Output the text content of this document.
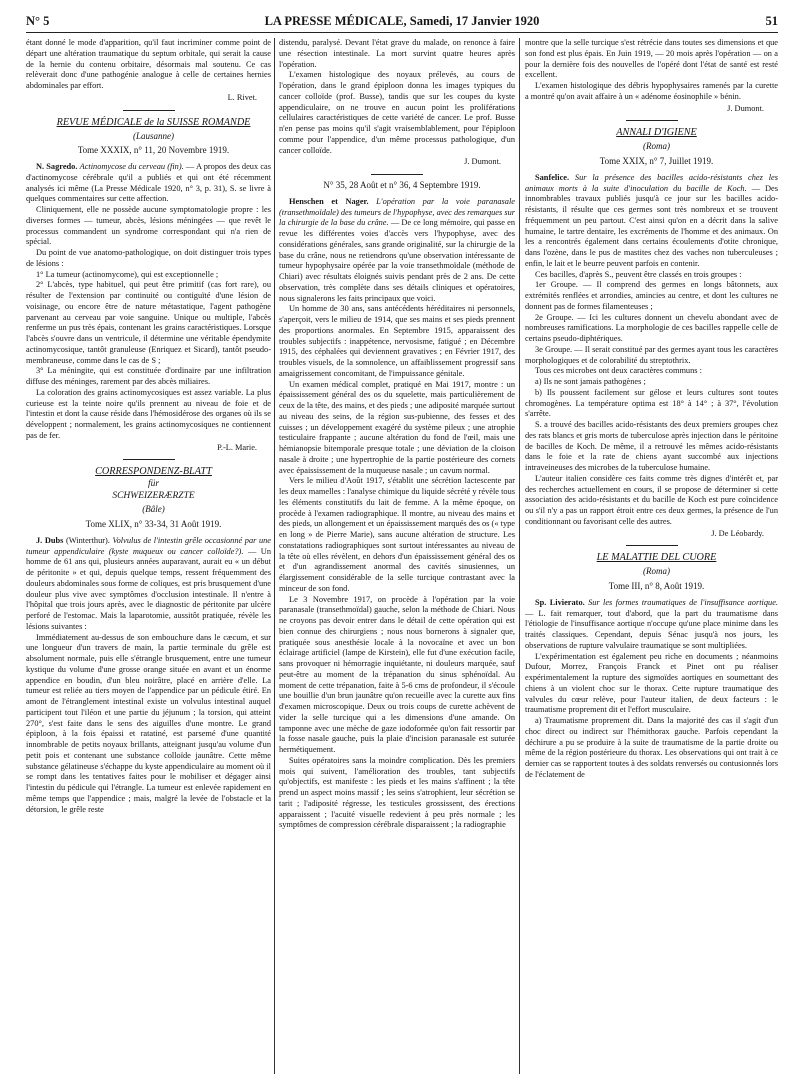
N° 5	LA PRESSE MÉDICALE, Samedi, 17 Janvier 1920	51

étant donné le mode d'apparition, qu'il faut incriminer comme point de départ une altération traumatique du septum orbitale, qui serait la cause de la hernie du contenu orbitaire, désormais mal soutenu. Ce cas relèverait donc d'une pathogénie analogue à celle de certaines hernies abdominales par effort.

L. Rivet.

REVUE MÉDICALE de la SUISSE ROMANDE

(Lausanne)

Tome XXXIX, n° 11, 20 Novembre 1919.

N. Sagredo. Actinomycose du cerveau (fin). — A propos des deux cas d'actinomycose cérébrale qu'il a publiés et qui ont été récemment analysés ici même (La Presse Médicale 1920, n° 3, p. 31), S. se livre à quelques commentaires sur cette affection.

Cliniquement, elle ne possède aucune symptomatologie propre : les diverses formes — tumeur, abcès, lésions méningées — que revêt le processus commandent un syndrome correspondant qui n'a rien de spécial.

Du point de vue anatomo-pathologique, on doit distinguer trois types de lésions :

1° La tumeur (actinomycome), qui est exceptionnelle ;

2° L'abcès, type habituel, qui peut être primitif (cas fort rare), ou résulter de l'extension par continuité ou contiguïté d'une lésion de voisinage, ou encore être de nature métastatique, l'agent pathogène parvenant au cerveau par voie sanguine. Unique ou multiple, l'abcès renferme un pus très épais, contenant les grains caractéristiques. Lorsque l'abcès s'ouvre dans un ventricule, il détermine une véritable épendymite actinomycosique, tantôt granuleuse (Enriquez et Sicard), tantôt pseudo-membraneuse, comme dans le cas de S ;

3° La méningite, qui est constituée d'ordinaire par une infiltration diffuse des méninges, rarement par des abcès miliaires.

La coloration des grains actinomycosiques est assez variable. La plus curieuse est la teinte noire qu'ils prennent au niveau de foie et de l'intestin et dont la cause réside dans l'hémosidérose des organes où ils se développent ; normalement, les grains actinomycosiques ne contiennent pas de fer.

P.-L. Marie.

CORRESPONDENZ-BLATT

für

SCHWEIZERÆRZTE

(Bâle)

Tome XLIX, n° 33-34, 31 Août 1919.

J. Dubs (Winterthur). Volvulus de l'intestin grêle occasionné par une tumeur appendiculaire (kyste muqueux ou cancer colloïde?). — Un homme de 61 ans qui, plusieurs années auparavant, aurait eu « un début de péritonite » et qui, depuis quelque temps, ressent fréquemment des douleurs abdominales sous forme de coliques, est pris brusquement d'une douleur plus vive avec symptômes d'occlusion intestinale. Il n'entre à l'hôpital que trois jours après, avec le diagnostic de péritonite par ulcère perforé de l'estomac. Mais la laparotomie, aussitôt pratiquée, révèle les lésions suivantes :

Immédiatement au-dessus de son embouchure dans le cæcum, et sur une longueur d'un travers de main, la partie terminale du grêle est absolument normale, puis elle s'étrangle brusquement, entre une tumeur kystique du volume d'une grosse orange située en avant et un énorme appendice en boudin, d'un bleu noirâtre, placé en arrière d'elle. La tumeur est reliée au tiers moyen de l'appendice par un pédicule étiré. En amont de l'étranglement intestinal existe un volvulus intestinal auquel participent tout l'iléon et une partie du jéjunum ; la torsion, qui atteint 270°, s'est faite dans le sens des aiguilles d'une montre. Le grand épiploon, à la fois épaissi et ratatiné, est parsemé d'une quantité innombrable de petits noyaux brillants, atteignant jusqu'au volume d'un petit pois et contenant une substance colloïde jaunâtre. Cette même substance gélatineuse s'échappe du kyste appendiculaire au moment où il se rompt dans les tentatives faites pour le mobiliser et dégager ainsi l'intestin du pédicule qui l'étrangle. La tumeur est enlevée rapidement en même temps que l'appendice ; mais, malgré la levée de l'obstacle et la détorsion, le grêle reste

distendu, paralysé. Devant l'état grave du malade, on renonce à faire une résection intestinale. La mort survint quatre heures après l'opération.

L'examen histologique des noyaux prélevés, au cours de l'opération, dans le grand épiploon donna les images typiques du cancer colloïde (prof. Busse), tandis que sur les coupes du kyste appendiculaire, on ne trouve en aucun point les proliférations cellulaires caractéristiques de cette variété de cancer. Le prof. Busse n'en pense pas moins qu'il s'agit vraisemblablement, pour l'épiploon comme pour l'appendice, d'un même processus pathologique, d'un cancer colloïde.

J. Dumont.

N° 35, 28 Août et n° 36, 4 Septembre 1919.

Henschen et Nager. L'opération par la voie paranasale (transethmoïdale) des tumeurs de l'hypophyse, avec des remarques sur la chirurgie de la base du crâne. — De ce long mémoire, qui passe en revue les différentes voies d'accès vers l'hypophyse, avec des considérations générales, sans grande originalité, sur la chirurgie de la base du crâne, nous ne retiendrons qu'une observation intéressante de tumeur hypophysaire opérée par la voie transethmoïdale (méthode de Chiari) avec résultats éloignés suivis pendant près de 2 ans. De cette observation, très complète dans ses détails cliniques et opératoires, nous signalerons les faits principaux que voici.

Un homme de 30 ans, sans antécédents héréditaires ni personnels, s'aperçoit, vers le milieu de 1914, que ses mains et ses pieds prennent des proportions anormales. En Septembre 1915, apparaissent des troubles subjectifs : inappétence, nervosisme, fatigué ; en Décembre 1915, des céphalées qui deviennent gravatives ; en Février 1917, des troubles visuels, de la somnolence, un affaiblissement progressif sans amaigrissement concomitant, de l'impuissance génitale.

Un examen médical complet, pratiqué en Mai 1917, montre : un épaississement général des os du squelette, mais particulièrement de ceux de la tête, des mains, et des pieds ; une adiposité marquée surtout au niveau des seins, de la région sus-pubienne, des fesses et des cuisses ; un développement exagéré du système pileux ; une atrophie testiculaire frappante ; aucune altération du fond de l'œil, mais une hémianopsie bitemporale presque totale ; une déviation de la cloison nasale à droite ; une hypertrophie de la partie postérieure des cornets avec épaississement de la muqueuse nasale ; un cavum normal.

Vers le milieu d'Août 1917, s'établit une sécrétion lactescente par les deux mamelles : l'analyse chimique du liquide sécrété y révèle tous les éléments constitutifs du lait de femme. A la même époque, on procède à l'examen radiographique. Il montre, au niveau des mains et des pieds, un allongement et un épaississement marqués des os (« type en long » de Pierre Marie), sans aucune altération de structure. Les constatations radiographiques sont surtout intéressantes au niveau de la tête où elles révèlent, en dehors d'un épaississement général des os et d'un agrandissement anormal des cavités sinusiennes, un élargissement considérable de la selle turcique contrastant avec la minceur de son fond.

Le 3 Novembre 1917, on procède à l'opération par la voie paranasale (transethmoïdal) gauche, selon la méthode de Chiari. Nous ne croyons pas devoir entrer dans le détail de cette opération qui est bien connue des chirurgiens ; nous nous bornerons à signaler que, pratiquée sous anesthésie locale à la novocaïne et avec un bon éclairage artificiel (lampe de Kirstein), elle fut d'une exécution facile, sans provoquer ni hémorragie inquiétante, ni douleurs marquée, sauf peut-être au moment de la trépanation du sinus sphénoïdal. Au moment de cette trépanation, faite à 5-6 cms de profondeur, il s'écoule une bouillie d'un brun jaunâtre qu'on recueille avec la curette aux fins d'examen microscopique. Deux ou trois coups de curette achèvent de vider la selle turcique qui a les dimensions d'une amande. On tamponne avec une mèche de gaze iodoformée qu'on fait ressortir par la fosse nasale gauche, puis la plaie d'incision paranasale est suturée hermétiquement.

Suites opératoires sans la moindre complication. Dès les premiers mois qui suivent, l'amélioration des troubles, tant subjectifs qu'objectifs, est manifeste : les pieds et les mains s'affinent ; la tête prend un aspect moins massif ; les seins s'atrophient, leur sécrétion se tarit ; l'adiposité régresse, les testicules grossissent, des érections apparaissent ; l'acuité visuelle redevient à peu près normale ; les symptômes de compression cérébrale disparaissent ; la radiographie

montre que la selle turcique s'est rétrécie dans toutes ses dimensions et que son fond est plus épais. En Juin 1919, — 20 mois après l'opération — on a pour la dernière fois des nouvelles de l'opéré dont l'état de santé est resté excellent.

L'examen histologique des débris hypophysaires ramenés par la curette a montré qu'on avait affaire à un « adénome éosinophile » bénin.

J. Dumont.

ANNALI D'IGIENE

(Roma)

Tome XXIX, n° 7, Juillet 1919.

Sanfelice. Sur la présence des bacilles acido-résistants chez les animaux morts à la suite d'inoculation du bacille de Koch. — Des innombrables travaux publiés jusqu'à ce jour sur les bacilles acido-résistants, il résulte que ces germes sont très nombreux et se trouvent fréquemment un peu partout. C'est ainsi qu'on en a décrit dans la salive humaine, le tartre dentaire, les excréments de l'homme et des animaux. On les a rencontrés également dans certains écoulements d'otite chronique, dans l'ozène, dans le pus de mastites chez des vaches non tuberculeuses ; enfin, le lait et le beurre peuvent parfois en contenir.

Ces bacilles, d'après S., peuvent être classés en trois groupes :

1er Groupe. — Il comprend des germes en longs bâtonnets, aux extrémités renflées et arrondies, amincies au centre, et dont les cultures ne donnent pas de formes filamenteuses ;

2e Groupe. — Ici les cultures donnent un chevelu abondant avec de nombreuses ramifications. La morphologie de ces bacilles rappelle celle de certains pseudo-diphtériques.

3e Groupe. — Il serait constitué par des germes ayant tous les caractères morphologiques et de colorabilité du streptothrix.

Tous ces microbes ont deux caractères communs :

a) Ils ne sont jamais pathogènes ;

b) Ils poussent facilement sur gélose et leurs cultures sont toutes chromogènes. La température optima est 18° à 14° ; à 37°, l'évolution s'arrête.

S. a trouvé des bacilles acido-résistants des deux premiers groupes chez des rats blancs et gris morts de tuberculose après injection dans le péritoine de bacilles de Koch. De même, il a retrouvé les mêmes acido-résistants dans le foie et la rate de chiens ayant succombé aux injections intraveineuses des microbes de la tuberculose humaine.

L'auteur italien considère ces faits comme très dignes d'intérêt et, par des recherches actuellement en cours, il se propose de déterminer si cette association des acido-résistants et du bacille de Koch est pure coïncidence ou s'il n'y a pas un rapport étroit entre ces deux germes, la présence de l'un conditionnant ou favorisant celle des autres.

J. De Léobardy.

LE MALATTIE DEL CUORE

(Roma)

Tome III, n° 8, Août 1919.

Sp. Livierato. Sur les formes traumatiques de l'insuffisance aortique. — L. fait remarquer, tout d'abord, que la part du traumatisme dans l'étiologie de l'insuffisance aortique n'occupe qu'une place minime dans les traités classiques. Cependant, depuis Sénac jusqu'à nos jours, les observations de rupture valvulaire traumatique se sont multipliées.

L'expérimentation est également peu riche en documents ; néanmoins Dufour, Morrez, François Franck et Pinet ont pu réaliser expérimentalement la rupture des sigmoïdes aortiques en soumettant des chiens à un violent choc sur le thorax. Cette rupture traumatique des valvules du cœur relève, pour l'auteur italien, de deux facteurs : le traumatisme proprement dit et l'effort musculaire.

a) Traumatisme proprement dit. Dans la majorité des cas il s'agit d'un choc direct ou indirect sur l'hémithorax gauche. Parfois cependant la déchirure a pu se produire à la suite de traumatisme de la partie droite ou même de la région postérieure du thorax. Les observations qui ont trait à ce dernier cas se rapportent toutes à des soldats renversés ou contusionnés lors de l'éclatement de
